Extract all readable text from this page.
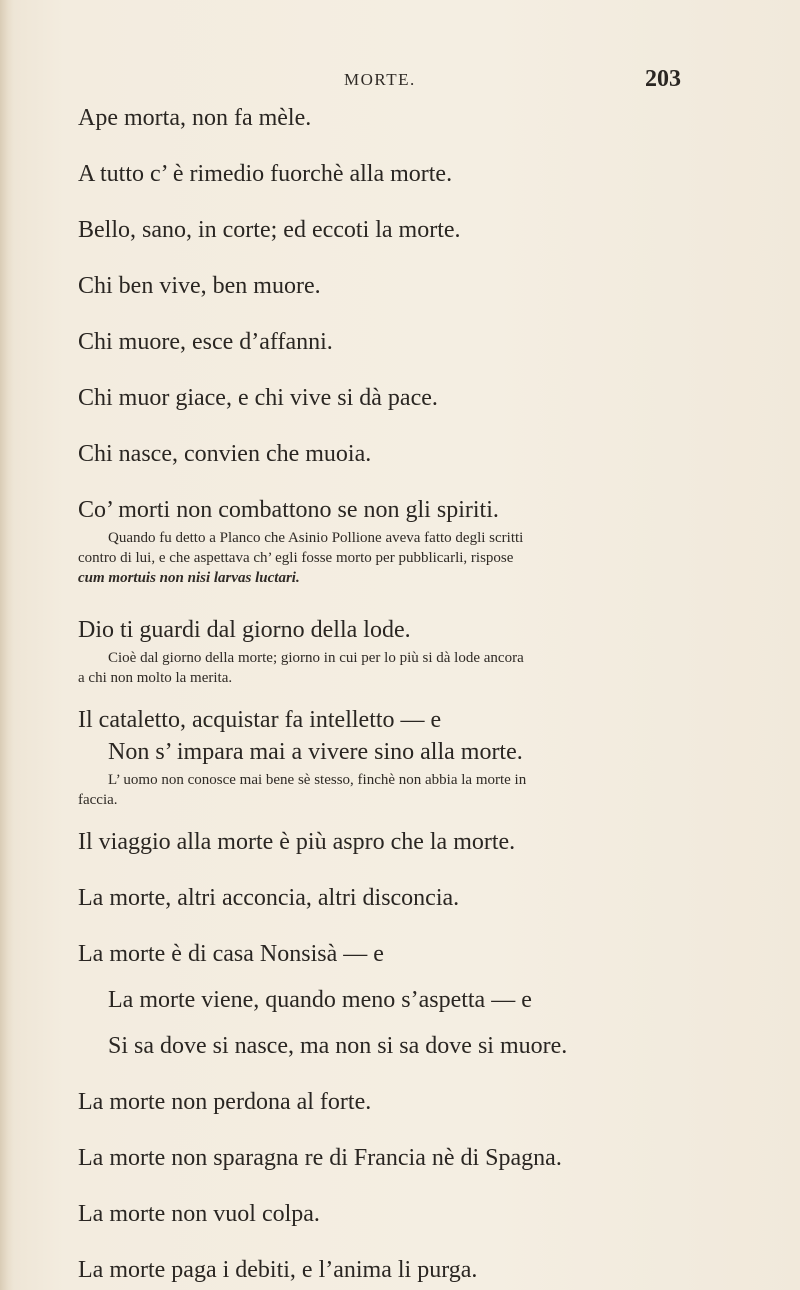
MORTE.	203
Ape morta, non fa mèle.
A tutto c’ è rimedio fuorchè alla morte.
Bello, sano, in corte; ed eccoti la morte.
Chi ben vive, ben muore.
Chi muore, esce d’affanni.
Chi muor giace, e chi vive si dà pace.
Chi nasce, convien che muoia.
Co’ morti non combattono se non gli spiriti.
Quando fu detto a Planco che Asinio Pollione aveva fatto degli scritti
contro di lui, e che aspettava ch’ egli fosse morto per pubblicarli, rispose
cum mortuis non nisi larvas luctari.
Dio ti guardi dal giorno della lode.
Cioè dal giorno della morte; giorno in cui per lo più si dà lode ancora
a chi non molto la merita.
Il cataletto, acquistar fa intelletto — e
Non s’ impara mai a vivere sino alla morte.
L’ uomo non conosce mai bene sè stesso, finchè non abbia la morte in
faccia.
Il viaggio alla morte è più aspro che la morte.
La morte, altri acconcia, altri disconcia.
La morte è di casa Nonsisà — e
La morte viene, quando meno s’aspetta — e
Si sa dove si nasce, ma non si sa dove si muore.
La morte non perdona al forte.
La morte non sparagna re di Francia nè di Spagna.
La morte non vuol colpa.
La morte paga i debiti, e l’anima li purga.
